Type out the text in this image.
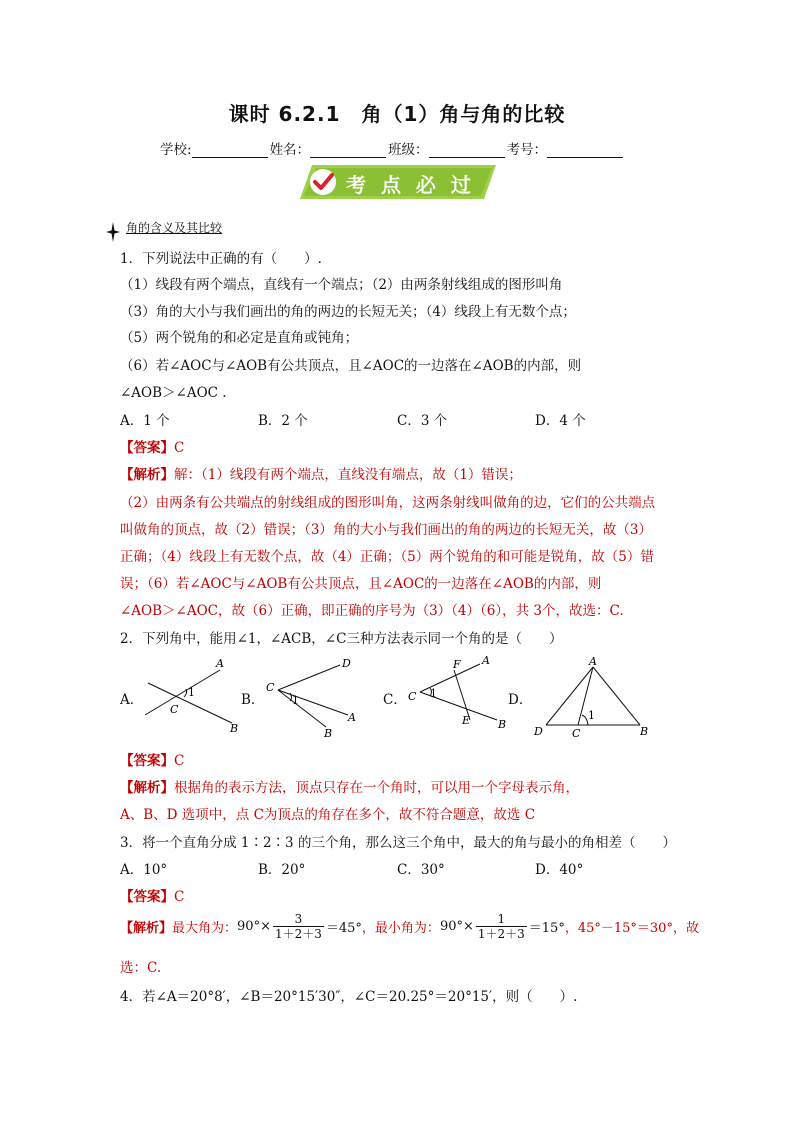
课时 6.2.1　角（1）角与角的比较
学校:	姓名：	班级：	考号：
考 点 必 过
角的含义及其比较
1．下列说法中正确的有（　　）.
（1）线段有两个端点，直线有一个端点；（2）由两条射线组成的图形叫角
（3）角的大小与我们画出的角的两边的长短无关；（4）线段上有无数个点；
（5）两个锐角的和必定是直角或钝角；
（6）若∠AOC与∠AOB有公共顶点，且∠AOC的一边落在∠AOB的内部，则
∠AOB＞∠AOC .
A．1 个	B．2 个	C．3 个	D．4 个
【答案】C
【解析】解：（1）线段有两个端点，直线没有端点，故（1）错误；
（2）由两条有公共端点的射线组成的图形叫角，这两条射线叫做角的边，它们的公共端点
叫做角的顶点，故（2）错误；（3）角的大小与我们画出的角的两边的长短无关，故（3）
正确；（4）线段上有无数个点，故（4）正确；（5）两个锐角的和可能是锐角，故（5）错
误；（6）若∠AOC与∠AOB有公共顶点，且∠AOC的一边落在∠AOB的内部，则
∠AOB＞∠AOC，故（6）正确，即正确的序号为（3）（4）（6），共 3个，故选：C.
2．下列角中，能用∠1，∠ACB，∠C三种方法表示同一个角的是（　　）
A．	B．	C．	D．
A
1
C
B
C
D
1
A
B
F A
C 1
E	B
A
1
D	C	B
【答案】C
【解析】根据角的表示方法，顶点只存在一个角时，可以用一个字母表示角，
A、B、D 选项中，点 C为顶点的角存在多个，故不符合题意，故选 C
3．将一个直角分成 1∶2∶3 的三个角，那么这三个角中，最大的角与最小的角相差（　　）
A．10°	B．20°	C．30°	D．40°
【答案】C
【解析】 最大角为： $90^\circ\times \frac{3}{1+2+3} =45^\circ$ ，最小角为： $90^\circ\times \frac{1}{1+2+3} =15^\circ$ ，45°－15°＝30°，故
选：C.
4．若∠A＝20°8′，∠B＝20°15′30″，∠C＝20.25°＝20°15′，则（　　）.
